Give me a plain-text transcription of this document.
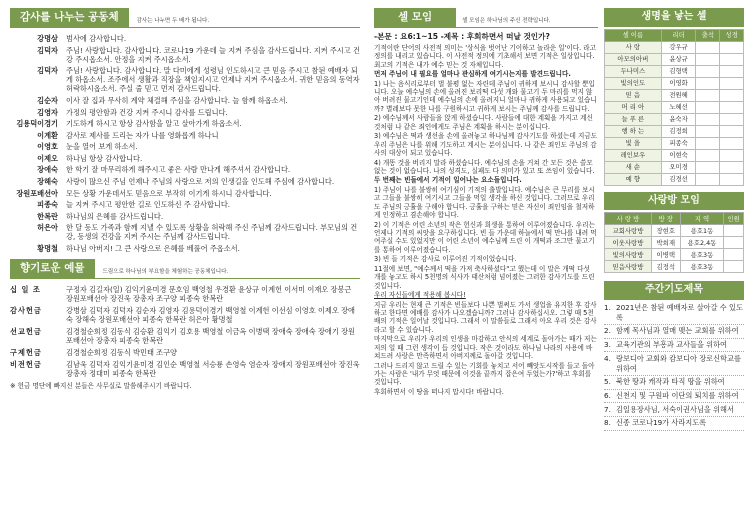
감사를 나누는 공동체	감사는 나누면 두 배가 됩니다.
강명삼	범사에 감사합니다.
김덕자	주님! 사랑합니다. 감사합니다. 코로나19 가운데 늘 지켜 주심을 감사드립니다. 지켜 주시고 건강 주시옵소서. 안정을 지켜 주시옵소서.
김덕자	주님! 사랑합니다. 감사합니다. 말 다미에게 성령님 인도하시고 큰 믿음 주시고 참된 예배자 되게 하옵소서. 조주에서 생활과 직장을 책임지시고 언제나 지켜 주시옵소서. 귀한 믿음의 동역자 허락하시옵소서. 주실 줄 믿고 먼저 감사드립니다.
김순자	이사 잘 집과 무사히 계약 체결해 주심을 감사합니다. 늘 함께 하옵소서.
김영자	가정의 평안함과 건강 지켜 주시니 감사를 드립니다.
김용덕이경기	기도하게 하시고 항상 감사함을 알고 살아가게 하옵소서.
이계환	감사로 제사를 드리는 자가 나를 영화롭게 하나니
이영호	눈을 열어 보게 하소서.
이제오	하나님 항상 감사합니다.
장애숙	한 학기 잘 마무리하게 해주시고 좋은 사람 만나게 해주셔서 감사합니다.
장해숙	사랑이 많으신 주님 언제나 주님의 사랑으로 저의 인생길을 인도해 주심에 감사합니다.
장원포배선아	모든 상황 가운데서도 믿음으로 부작히 이기게 하시니 감사합니다.
피종숙	늘 지켜 주시고 평안한 길로 인도하신 주 감사합니다.
한복란	하나님의 은혜를 감사드립니다.
허은아	한 달 동도 가족과 함께 지낼 수 있도록 상황을 허락해 주신 주님께 감사드립니다. 부모님의 건강, 동생의 건강을 지켜 주시는 주님께 감사드립니다.
황명철	하나님 아버지! 그 큰 사랑으로 은혜를 베풀어 주옵소서.
향기로운 예물	드림으로 하나님의 부요함을 체험하는 공동체입니다.
십 일 조	구정자 김길자(일) 김익기윤미경 문호임 백영철 우경환 윤상규 이계헌 이서미 이재오 장봉근 장원포배선아 장진욱 장총자 조구양 피종숙 한복란
감사헌금	강병삼 김덕자 김덕자 김순자 김영자 김용덕이경기 백영철 이계헌 이선심 이영호 이제오 장애숙 장해숙 장원포배선아 피종숙 한복란 허은아 황명철
선교헌금	김경철순희정 김동식 김승환 김익기 김호용 백영철 이금옥 이병택 장애숙 장애숙 장애기 장원포배선아 장총자 피종숙 한복란
구제헌금	김경철순희정 김동식 박민태 조구양
비전헌금	김남욱 김덕자 김익기윤미경 김인순 백영철 서승룡 손영숙 염순자 장애지 장원포배선아 장진욱 장총자 정대미 피종숙 한복란
※ 헌금 명단에 빠지신 분들은 사무실로 말씀해주시기 바랍니다.
셀 모임	셀 모임은 하나님의 주신 전략입니다.

-본문 : 요6:1~15 -제목 : 후회하면서 떠날 것인가?

기적이란 단어의 사전적 의미는 '상식을 벗어난 기이하고 놀라운 일'이다. 라고 정의를 내리고 있습니다. 이 사전적 정의에 기초해서 보면 기적은 일상입니다. 최고의 기적은 내가 예수 믿는 것 자체입니다.

먼저 주님이 내 필요를 얼마나 관심하게 여기시는지를 발견드립니다.

1) 나는 음식리로부터 벌 불평 없는 자린데 주님이 귀하게 보시니 감사할 뿐입니다. 오늘 예수님의 손에 올려진 보리떡 다섯 개와 물고기 두 마리를 먹지 않아 버려진 물고기인데 예수님의 손에 올려지니 얼마나 귀하게 사용되고 있습니까? 별레보다 못한 나를 구원하시고 귀하게 보시는 주님께 감사를 드립니다.

2) 예수님께서 사람들을 앉게 하셨습니다. 사람들에 대한 계획을 가지고 계신 것처럼 나 같은 죄인에게도 주님은 계획을 하시는 분이십니다.

3) 예수님은 떡과 생선을 손에 올려놓고 하나님께 감사기도를 하셨는데 지금도 우리 주님은 나를 위해 기도하고 계시는 분이십니다. 나 같은 죄인도 주님의 감사의 대상이 되고 있습니다.

4) 개똥 것을 버리지 말라 하셨습니다. 예수님의 손을 거쳐 간 모든 것은 쓸모없는 것이 없습니다. 나의 성격도, 실패도 다 의미가 있고 또 쓰임이 있습니다.

두 번째는 빈들에서 기적이 일어나는 요소들입니다.

1) 주님이 나를 불쌍히 여기심이 기적의 출발입니다. 예수님은 큰 무리를 보시고 그들을 불쌍히 여기시고 그들을 먹일 생각을 하신 것입니다. 그러므로 우리도 주님의 긍휼을 구해야 합니다. 긍휼을 구하는 믿은 자신이 죄인임을 철저하게 인정하고 겸손해야 합니다.

2) 이 기적은 어린 소년의 작은 헌신과 희생을 통하여 이루어졌습니다. 우리는 언제나 기적의 씨앗을 요구하십니다. 빈 들 가운데 하늘에서 떡 만나를 내려 먹여주실 수도 있었지만 이 어린 소년이 예수님께 드린 이 개떡과 조그만 물고기를 통하여 이루어졌습니다.

3) 빈 들 기적은 감사로 이루어진 기적이었습니다.

11절에 보면, "예수께서 떡을 가져 축사하셨다"고 했는데 이 말은 개떡 다섯 개를 놓고도 하시 5천명의 식사가 태산처럼 넘어졌는 그러한 감사기도를 드린 것입니다.

우리 자신들에게 적용해 봅시다!

지금 우리는 현재 큰 기적은 빈들보다 나쁜 벌써도 가서 생업을 유지한 후 감사하고 한다면 예배를 감사가 나오겠습니까? 그러나 감사하십시오. 그렇 때 5천배의 기적은 일어날 것입니다. 그래서 이 말씀들로 그래서 아요 우리 것은 감사라고 할 수 있습니다.

마지막으로 우리가 우리의 인생을 마감하고 안식의 세계로 돌아가는 때가 저는 저의 일 때 그런 생각이 듭 것입니다. 작은 것이라도 하나님 나라의 사용에 바쳐드려 사랑은 만족하면서 아버지께로 돌아갈 것입니다.

그러나 드리지 않고 드릴 수 있는 기회를 놓치고 서어 빼앗도시작를 들고 돌아가는 사람은 '내가 무엇 때문에 이것을 끝까지 잡은여 두었는가?'하고 후회를 것입니다.

후회하면서 이 땅을 떠나지 맙시다! 바랍니다.

생명을 낳는 셀
셀 이름	리더	출석	성경
사 랑	강우규		
아모의아버	윤상규		
두나미스	김형택		
빛의인도	이영화		
믿 음	전원혜		
머 리 아	노혜선		
늘 푸 른	윤숙자		
행 하 는	김정희		
빛 을	피종숙		
레인보우	이현숙		
새 순	오미경		
예 향	김경선		
사랑방 모임
사 랑 방	방 장	지 역	인원
교회사랑방	장현호	용호1동	
이웃사랑방	박희재	용호2,4동	
빛의사랑방	이병택	용호3동	
믿음사랑방	김정석	용호3동	
주간기도제목
1. 2021년은 참된 예배자로 살아갈 수 있도록
2. 함께 목사님과 열매 맺는 교회를 위하여
3. 교육기관의 부흥과 교사들을 위하여
4. 랑보디아 교회와 캄보디아 장로신학교를 위하여
5. 북한 땅과 캐작과 타직 땅을 위하여
6. 신천지 및 구원파 이단의 퇴치를 위하여
7. 김일용장사님, 서숙이권사님을 위해서
8. 신종 코로나19가 사라지도록
